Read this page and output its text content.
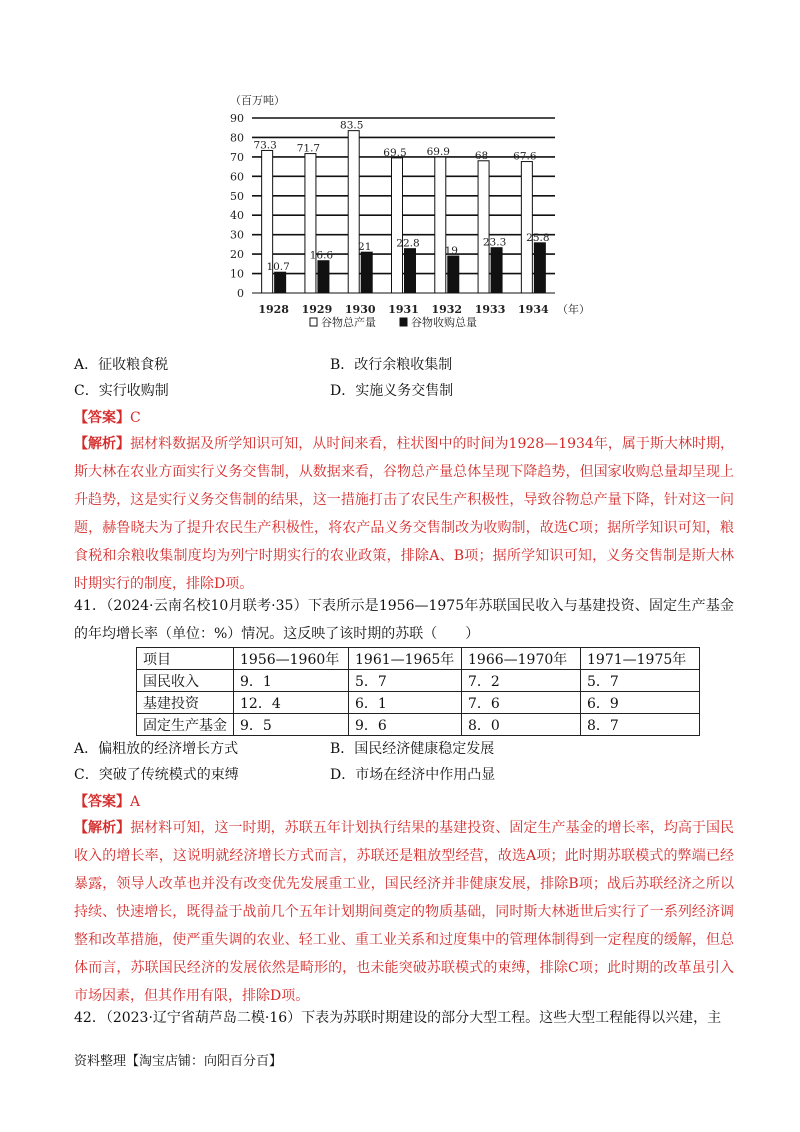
（百万吨）
0
10
20
30
40
50
60
70
80
90
73.3
10.7
1928
71.7
16.6
1929
83.5
21
1930
69.5
22.8
1931
69.9
19
1932
68
23.3
1933
67.6
25.8
1934 （年）
谷物总产量	谷物收购总量
A．征收粮食税	B．改行余粮收集制
C．实行收购制	D．实施义务交售制
【答案】C
【解析】据材料数据及所学知识可知，从时间来看，柱状图中的时间为1928—1934年，属于斯大林时期，斯大林在农业方面实行义务交售制，从数据来看，谷物总产量总体呈现下降趋势，但国家收购总量却呈现上升趋势，这是实行义务交售制的结果，这一措施打击了农民生产积极性，导致谷物总产量下降，针对这一问题，赫鲁晓夫为了提升农民生产积极性，将农产品义务交售制改为收购制，故选C项；据所学知识可知，粮食税和余粮收集制度均为列宁时期实行的农业政策，排除A、B项；据所学知识可知，义务交售制是斯大林时期实行的制度，排除D项。
41．（2024·云南名校10月联考·35）下表所示是1956—1975年苏联国民收入与基建投资、固定生产基金的年均增长率（单位：%）情况。这反映了该时期的苏联（　　）
项目	1956—1960年	1961—1965年	1966—1970年	1971—1975年
国民收入	9．1	5．7	7．2	5．7
基建投资	12．4	6．1	7．6	6．9
固定生产基金	9．5	9．6	8．0	8．7
A．偏粗放的经济增长方式	B．国民经济健康稳定发展
C．突破了传统模式的束缚	D．市场在经济中作用凸显
【答案】A
【解析】据材料可知，这一时期，苏联五年计划执行结果的基建投资、固定生产基金的增长率，均高于国民收入的增长率，这说明就经济增长方式而言，苏联还是粗放型经营，故选A项；此时期苏联模式的弊端已经暴露，领导人改革也并没有改变优先发展重工业，国民经济并非健康发展，排除B项；战后苏联经济之所以持续、快速增长，既得益于战前几个五年计划期间奠定的物质基础，同时斯大林逝世后实行了一系列经济调整和改革措施，使严重失调的农业、轻工业、重工业关系和过度集中的管理体制得到一定程度的缓解，但总体而言，苏联国民经济的发展依然是畸形的，也未能突破苏联模式的束缚，排除C项；此时期的改革虽引入市场因素，但其作用有限，排除D项。
42．（2023·辽宁省葫芦岛二模·16）下表为苏联时期建设的部分大型工程。这些大型工程能得以兴建，主
资料整理【淘宝店铺：向阳百分百】
